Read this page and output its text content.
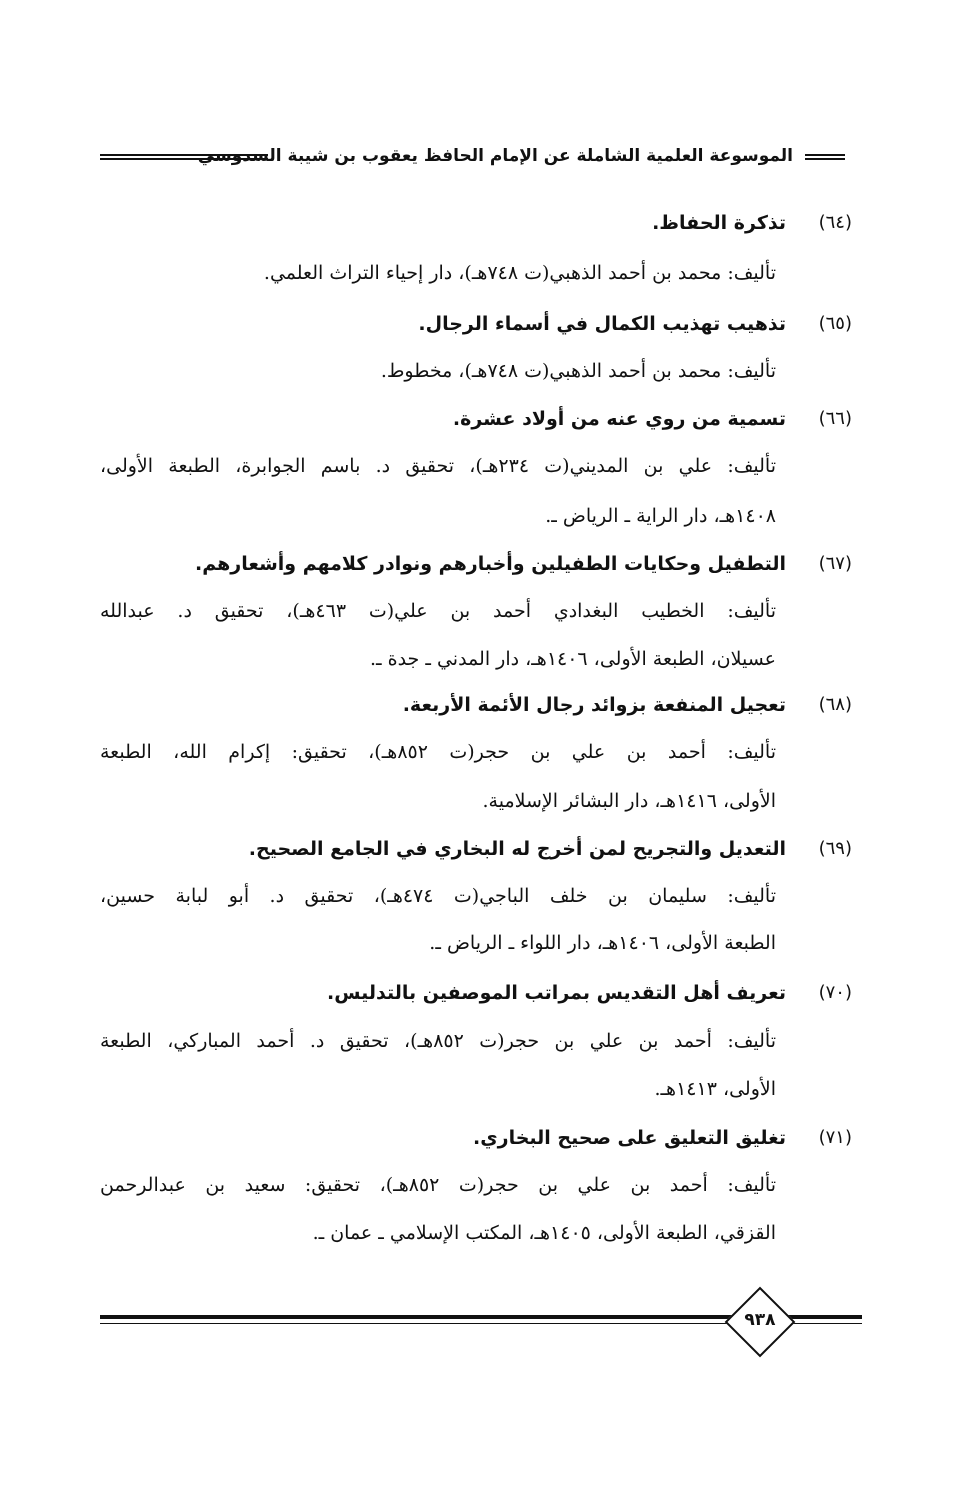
الموسوعة العلمية الشاملة عن الإمام الحافظ يعقوب بن شيبة السدوسي
(٦٤)
تذكرة الحفاظ.
تأليف: محمد بن أحمد الذهبي(ت ٧٤٨هـ)، دار إحياء التراث العلمي.
(٦٥)
تذهيب تهذيب الكمال في أسماء الرجال.
تأليف: محمد بن أحمد الذهبي(ت ٧٤٨هـ)، مخطوط.
(٦٦)
تسمية من روي عنه من أولاد عشرة.
تأليف: علي بن المديني(ت ٢٣٤هـ)، تحقيق د. باسم الجوابرة، الطبعة الأولى،
١٤٠٨هـ، دار الراية ـ الرياض ـ.
(٦٧)
التطفيل وحكايات الطفيلين وأخبارهم ونوادر كلامهم وأشعارهم.
تأليف: الخطيب البغدادي أحمد بن علي(ت ٤٦٣هـ)، تحقيق د. عبدالله
عسيلان، الطبعة الأولى، ١٤٠٦هـ، دار المدني ـ جدة ـ.
(٦٨)
تعجيل المنفعة بزوائد رجال الأئمة الأربعة.
تأليف: أحمد بن علي بن حجر(ت ٨٥٢هـ)، تحقيق: إكرام الله، الطبعة
الأولى، ١٤١٦هـ، دار البشائر الإسلامية.
(٦٩)
التعديل والتجريح لمن أخرج له البخاري في الجامع الصحيح.
تأليف: سليمان بن خلف الباجي(ت ٤٧٤هـ)، تحقيق د. أبو لبابة حسين،
الطبعة الأولى، ١٤٠٦هـ، دار اللواء ـ الرياض ـ.
(٧٠)
تعريف أهل التقديس بمراتب الموصفين بالتدليس.
تأليف: أحمد بن علي بن حجر(ت ٨٥٢هـ)، تحقيق د. أحمد المباركي، الطبعة
الأولى، ١٤١٣هـ.
(٧١)
تغليق التعليق على صحيح البخاري.
تأليف: أحمد بن علي بن حجر(ت ٨٥٢هـ)، تحقيق: سعيد بن عبدالرحمن
القزقي، الطبعة الأولى، ١٤٠٥هـ، المكتب الإسلامي ـ عمان ـ.
٩٣٨
